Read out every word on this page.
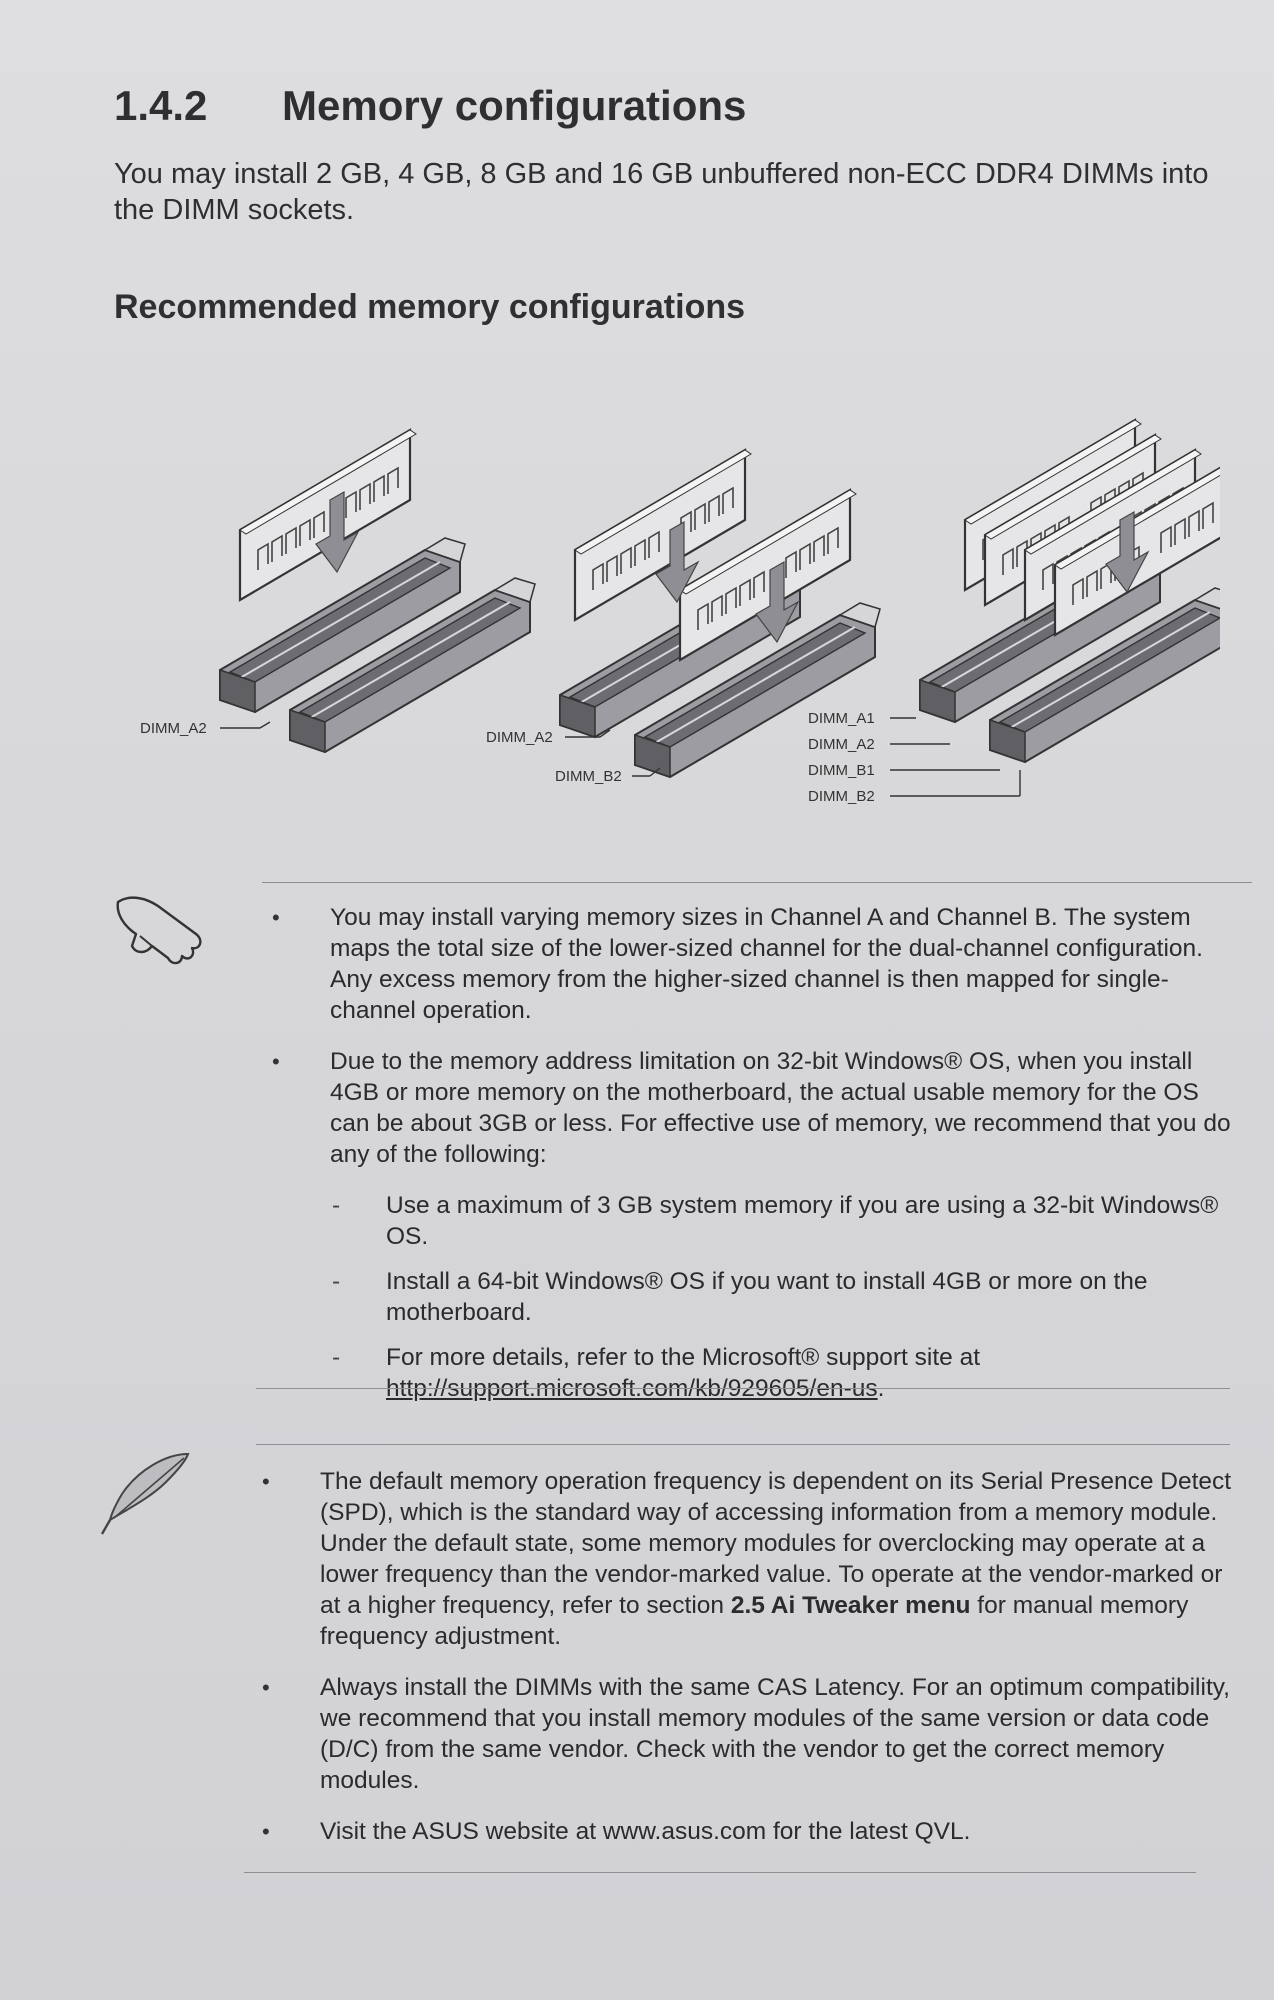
1.4.2 Memory configurations
You may install 2 GB, 4 GB, 8 GB and 16 GB unbuffered non-ECC DDR4 DIMMs into the DIMM sockets.
Recommended memory configurations
DIMM_A2
DIMM_A2
DIMM_B2
DIMM_A1
DIMM_A2
DIMM_B1
DIMM_B2
• You may install varying memory sizes in Channel A and Channel B. The system maps the total size of the lower-sized channel for the dual-channel configuration. Any excess memory from the higher-sized channel is then mapped for single-channel operation.
• Due to the memory address limitation on 32-bit Windows® OS, when you install 4GB or more memory on the motherboard, the actual usable memory for the OS can be about 3GB or less. For effective use of memory, we recommend that you do any of the following:
- Use a maximum of 3 GB system memory if you are using a 32-bit Windows® OS.
- Install a 64-bit Windows® OS if you want to install 4GB or more on the motherboard.
- For more details, refer to the Microsoft® support site at http://support.microsoft.com/kb/929605/en-us.
• The default memory operation frequency is dependent on its Serial Presence Detect (SPD), which is the standard way of accessing information from a memory module. Under the default state, some memory modules for overclocking may operate at a lower frequency than the vendor-marked value. To operate at the vendor-marked or at a higher frequency, refer to section 2.5 Ai Tweaker menu for manual memory frequency adjustment.
• Always install the DIMMs with the same CAS Latency. For an optimum compatibility, we recommend that you install memory modules of the same version or data code (D/C) from the same vendor. Check with the vendor to get the correct memory modules.
• Visit the ASUS website at www.asus.com for the latest QVL.
